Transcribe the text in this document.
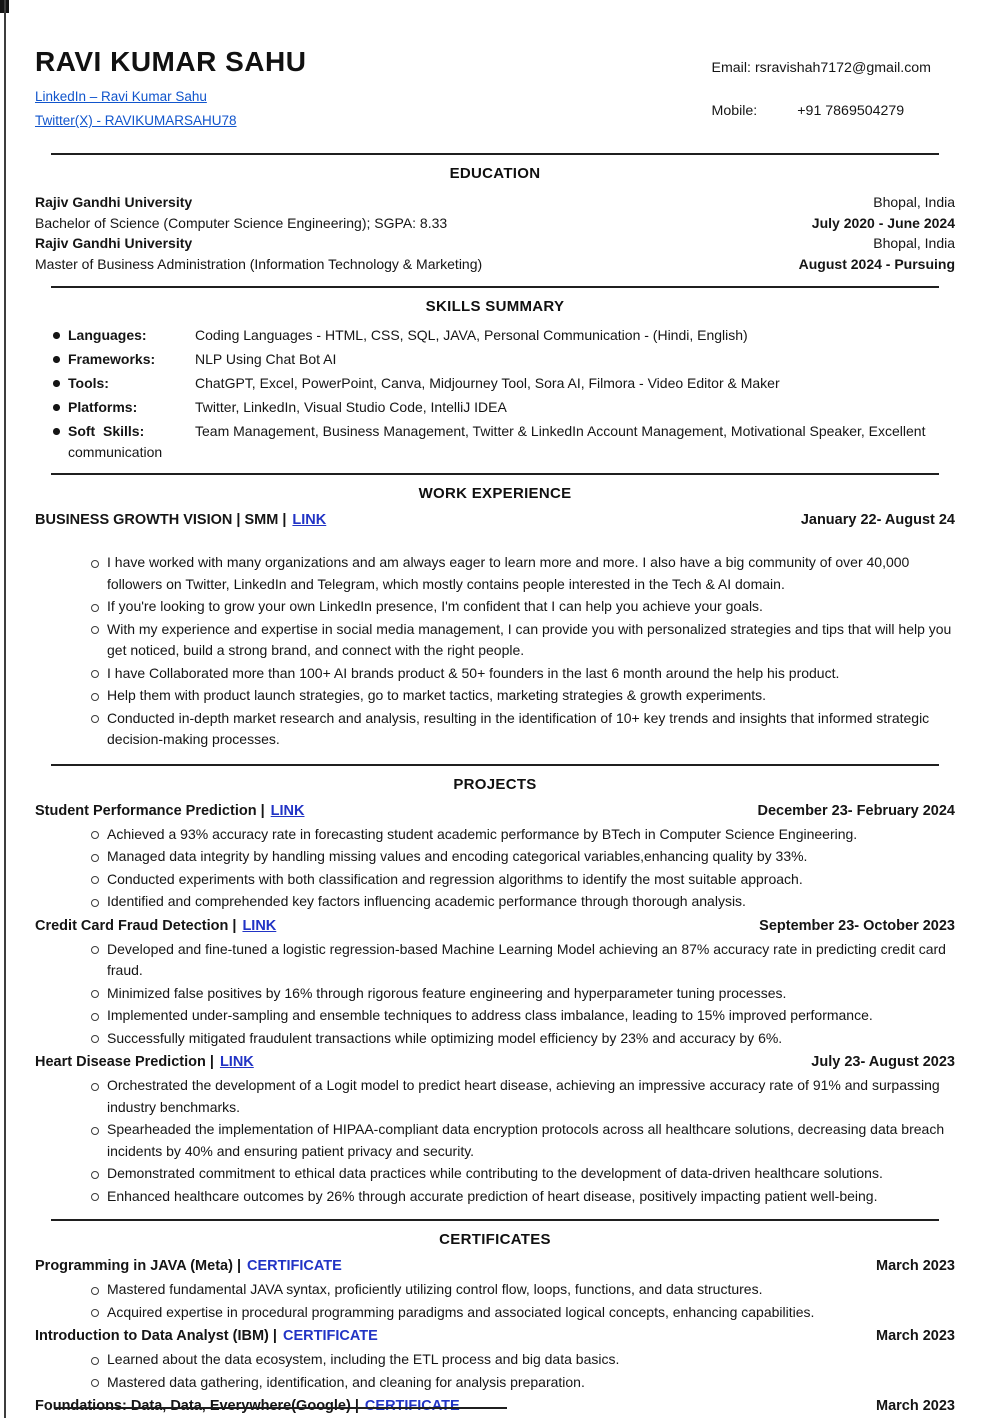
RAVI KUMAR SAHU
LinkedIn – Ravi Kumar Sahu
Twitter(X) - RAVIKUMARSAHU78
Email: rsravishah7172@gmail.com
Mobile:	+91 7869504279
EDUCATION
Rajiv Gandhi University	Bhopal, India
Bachelor of Science (Computer Science Engineering); SGPA: 8.33	July 2020 - June 2024
Rajiv Gandhi University	Bhopal, India
Master of Business Administration (Information Technology & Marketing)	August 2024 - Pursuing
SKILLS SUMMARY
Languages:	Coding Languages - HTML, CSS, SQL, JAVA, Personal Communication - (Hindi, English)
Frameworks:	NLP Using Chat Bot AI
Tools:	ChatGPT, Excel, PowerPoint, Canva, Midjourney Tool, Sora AI, Filmora - Video Editor & Maker
Platforms:	Twitter, LinkedIn, Visual Studio Code, IntelliJ IDEA
Soft  Skills:	Team Management, Business Management, Twitter & LinkedIn Account Management, Motivational Speaker, Excellent communication
WORK EXPERIENCE
BUSINESS GROWTH VISION | SMM | LINK	January 22- August 24
I have worked with many organizations and am always eager to learn more and more. I also have a big community of over 40,000 followers on Twitter, LinkedIn and Telegram, which mostly contains people interested in the Tech & AI domain.
If you're looking to grow your own LinkedIn presence, I'm confident that I can help you achieve your goals.
With my experience and expertise in social media management, I can provide you with personalized strategies and tips that will help you get noticed, build a strong brand, and connect with the right people.
I have Collaborated more than 100+ AI brands product & 50+ founders in the last 6 month around the help his product.
Help them with product launch strategies, go to market tactics, marketing strategies & growth experiments.
Conducted in-depth market research and analysis, resulting in the identification of 10+ key trends and insights that informed strategic decision-making processes.
PROJECTS
Student Performance Prediction | LINK	December 23- February 2024
Achieved a 93% accuracy rate in forecasting student academic performance by BTech in Computer Science Engineering.
Managed data integrity by handling missing values and encoding categorical variables,enhancing quality by 33%.
Conducted experiments with both classification and regression algorithms to identify the most suitable approach.
Identified and comprehended key factors influencing academic performance through thorough analysis.
Credit Card Fraud Detection | LINK	September 23- October 2023
Developed and fine-tuned a logistic regression-based Machine Learning Model achieving an 87% accuracy rate in predicting credit card fraud.
Minimized false positives by 16% through rigorous feature engineering and hyperparameter tuning processes.
Implemented under-sampling and ensemble techniques to address class imbalance, leading to 15% improved performance.
Successfully mitigated fraudulent transactions while optimizing model efficiency by 23% and accuracy by 6%.
Heart Disease Prediction | LINK	July 23- August 2023
Orchestrated the development of a Logit model to predict heart disease, achieving an impressive accuracy rate of 91% and surpassing industry benchmarks.
Spearheaded the implementation of HIPAA-compliant data encryption protocols across all healthcare solutions, decreasing data breach incidents by 40% and ensuring patient privacy and security.
Demonstrated commitment to ethical data practices while contributing to the development of data-driven healthcare solutions.
Enhanced healthcare outcomes by 26% through accurate prediction of heart disease, positively impacting patient well-being.
CERTIFICATES
Programming in JAVA (Meta) | CERTIFICATE	March 2023
Mastered fundamental JAVA syntax, proficiently utilizing control flow, loops, functions, and data structures.
Acquired expertise in procedural programming paradigms and associated logical concepts, enhancing capabilities.
Introduction to Data Analyst (IBM) | CERTIFICATE	March 2023
Learned about the data ecosystem, including the ETL process and big data basics.
Mastered data gathering, identification, and cleaning for analysis preparation.
Foundations: Data, Data, Everywhere(Google) | CERTIFICATE	March 2023
